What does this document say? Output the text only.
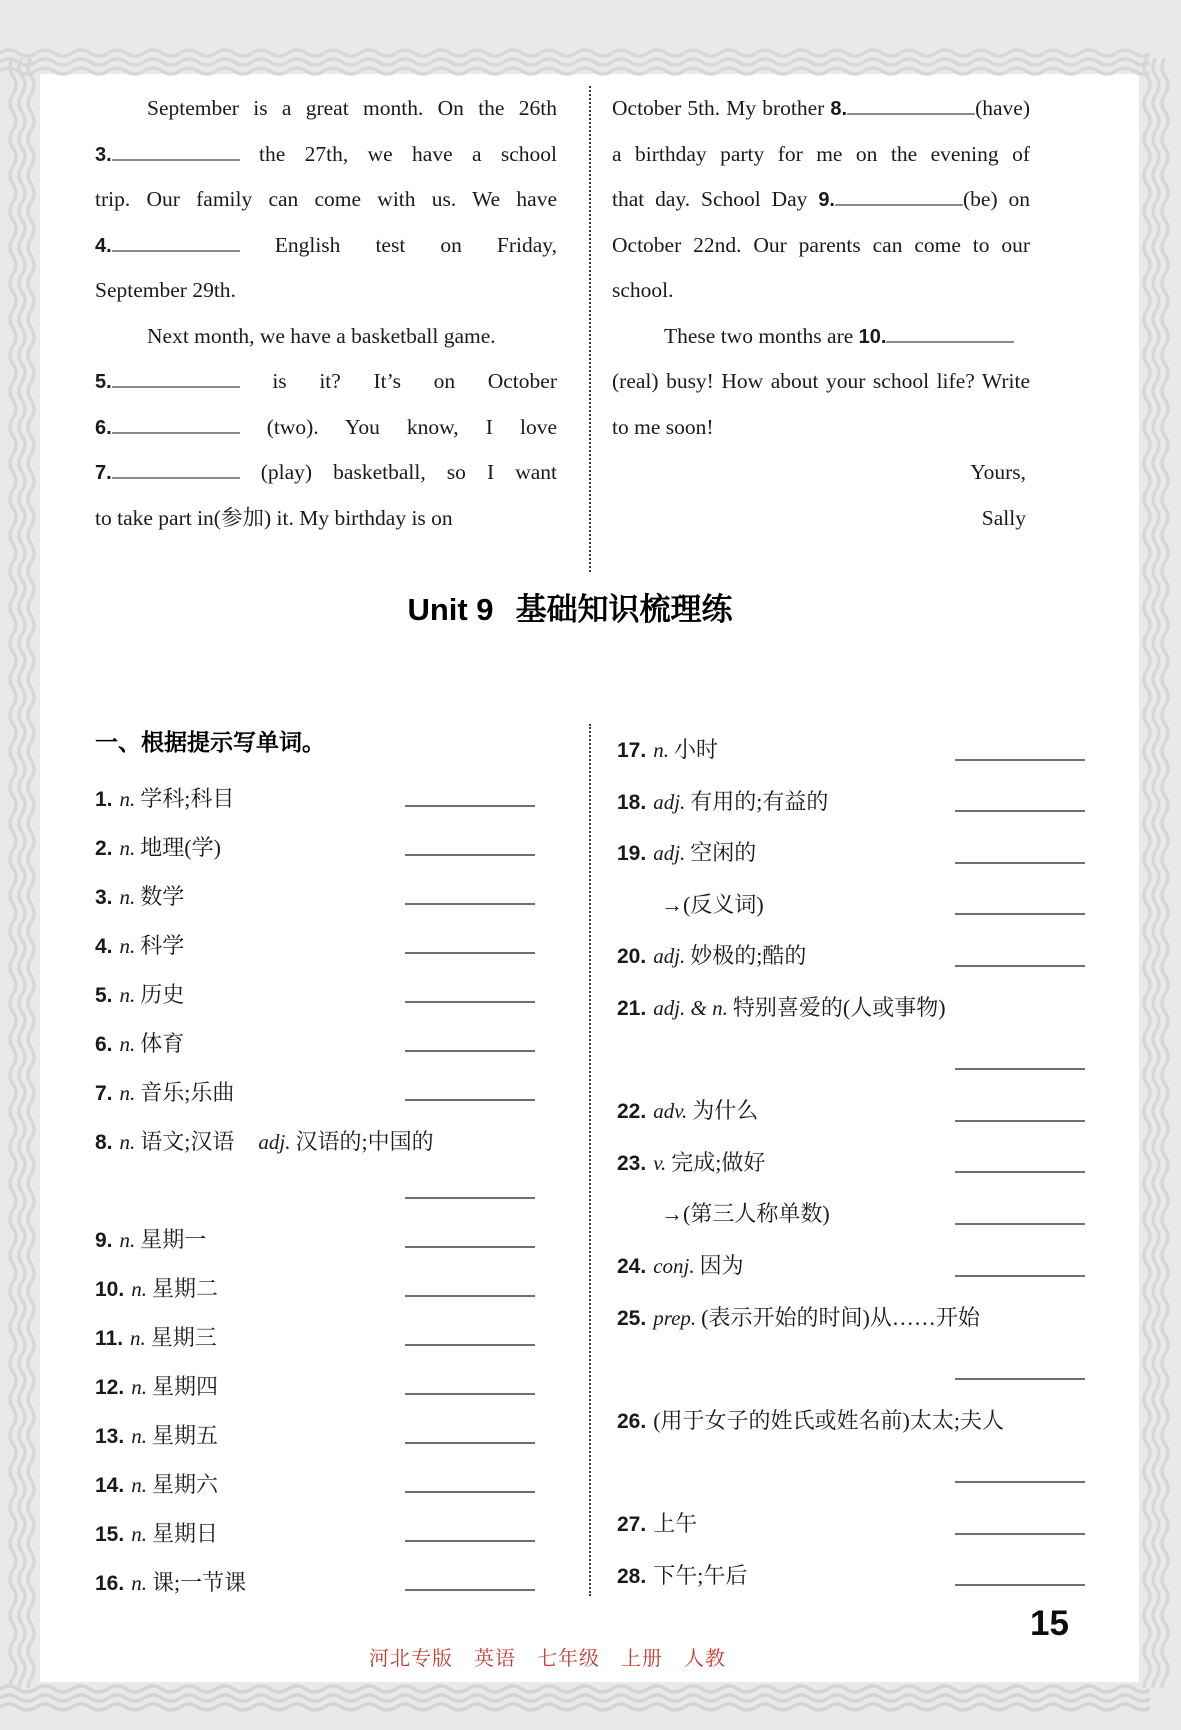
September is a great month. On the 26th
3.	the 27th, we have a school
trip. Our family can come with us. We have
4.	English test on Friday,
September 29th.
Next month, we have a basketball game.
5.	is it? It’s on October
6.	(two). You know, I love
7.	(play) basketball, so I want
to take part in(参加) it. My birthday is on
October 5th. My brother 8.	(have)
a birthday party for me on the evening of
that day. School Day 9.	(be) on
October 22nd. Our parents can come to our
school.
These two months are 10.
(real) busy! How about your school life? Write
to me soon!
Yours,
Sally
Unit 9 基础知识梳理练
一、根据提示写单词。
1. n. 学科;科目
2. n. 地理(学)
3. n. 数学
4. n. 科学
5. n. 历史
6. n. 体育
7. n. 音乐;乐曲
8. n. 语文;汉语 adj. 汉语的;中国的
9. n. 星期一
10. n. 星期二
11. n. 星期三
12. n. 星期四
13. n. 星期五
14. n. 星期六
15. n. 星期日
16. n. 课;一节课
17. n. 小时
18. adj. 有用的;有益的
19. adj. 空闲的
→(反义词)
20. adj. 妙极的;酷的
21. adj. & n. 特别喜爱的(人或事物)
22. adv. 为什么
23. v. 完成;做好
→(第三人称单数)
24. conj. 因为
25. prep. (表示开始的时间)从……开始
26. (用于女子的姓氏或姓名前)太太;夫人
27. 上午
28. 下午;午后
河北专版　英语　七年级　上册　人教
15
